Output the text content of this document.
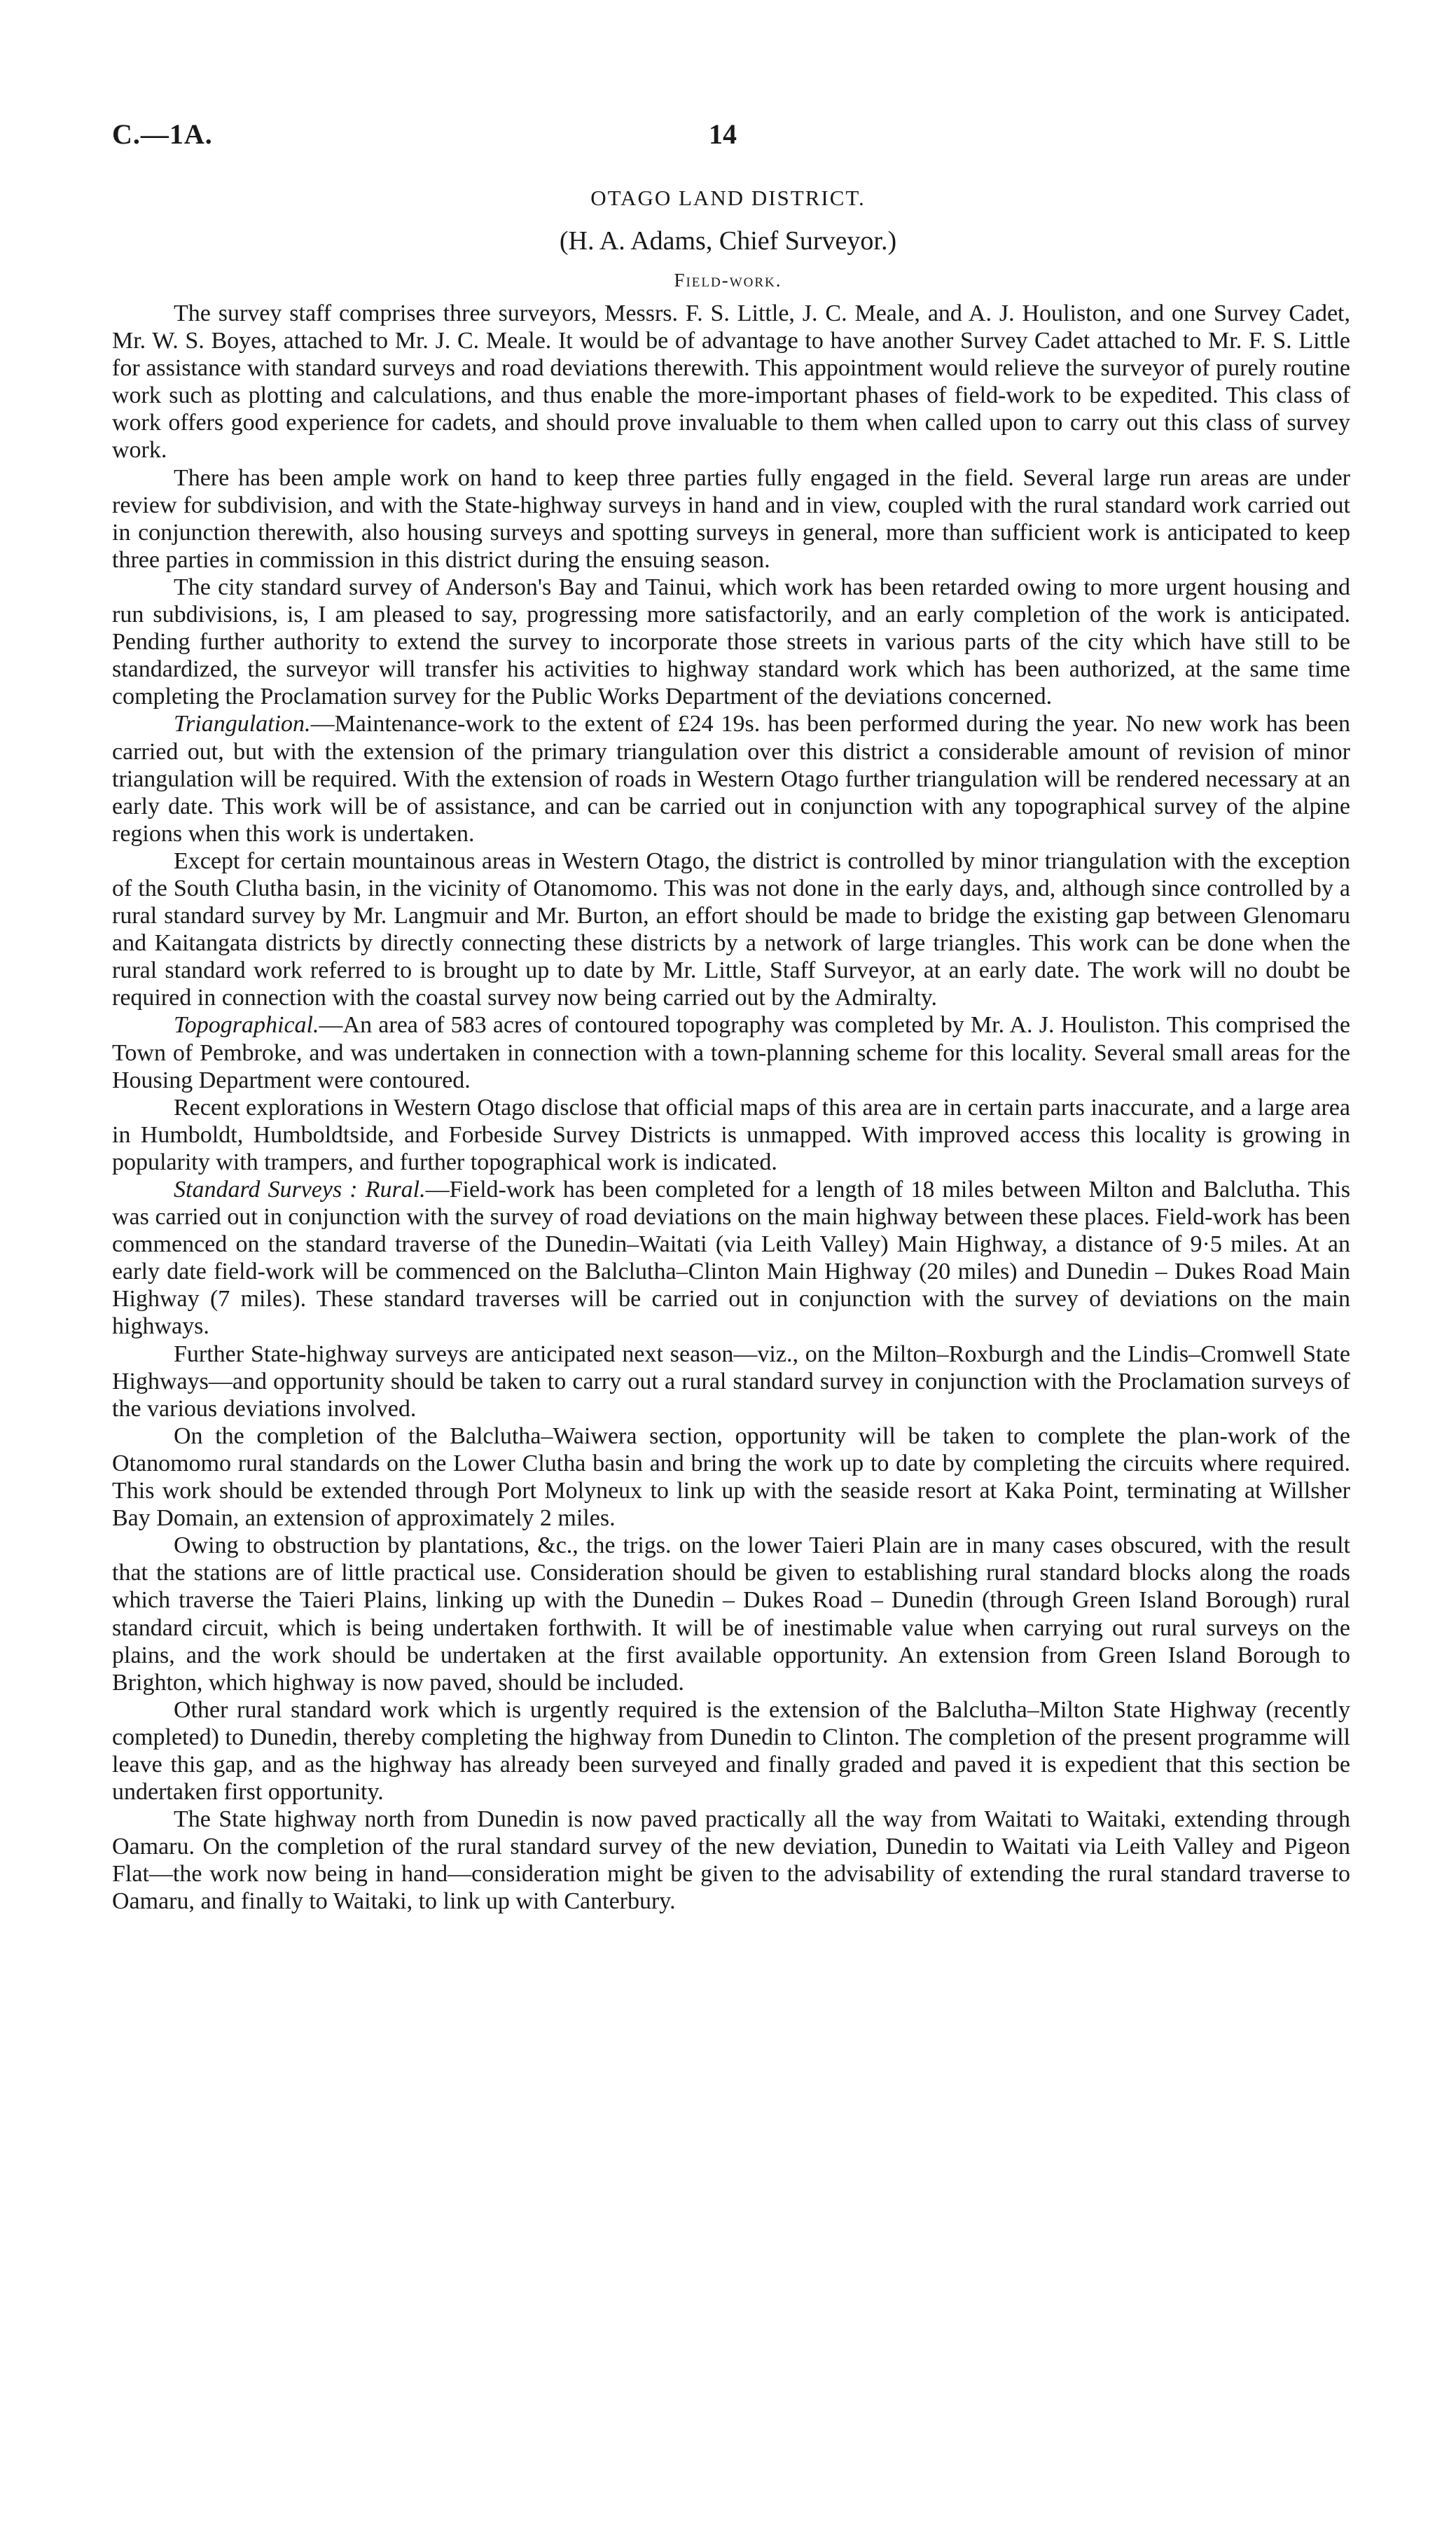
C.—1A.	14
OTAGO LAND DISTRICT.
(H. A. Adams, Chief Surveyor.)
Field-work.

The survey staff comprises three surveyors, Messrs. F. S. Little, J. C. Meale, and A. J. Houliston, and one Survey Cadet, Mr. W. S. Boyes, attached to Mr. J. C. Meale. It would be of advantage to have another Survey Cadet attached to Mr. F. S. Little for assistance with standard surveys and road deviations therewith. This appointment would relieve the surveyor of purely routine work such as plotting and calculations, and thus enable the more-important phases of field-work to be expedited. This class of work offers good experience for cadets, and should prove invaluable to them when called upon to carry out this class of survey work.

There has been ample work on hand to keep three parties fully engaged in the field. Several large run areas are under review for subdivision, and with the State-highway surveys in hand and in view, coupled with the rural standard work carried out in conjunction therewith, also housing surveys and spotting surveys in general, more than sufficient work is anticipated to keep three parties in commission in this district during the ensuing season.

The city standard survey of Anderson's Bay and Tainui, which work has been retarded owing to more urgent housing and run subdivisions, is, I am pleased to say, progressing more satisfactorily, and an early completion of the work is anticipated. Pending further authority to extend the survey to incorporate those streets in various parts of the city which have still to be standardized, the surveyor will transfer his activities to highway standard work which has been authorized, at the same time completing the Proclamation survey for the Public Works Department of the deviations concerned.

Triangulation.—Maintenance-work to the extent of £24 19s. has been performed during the year. No new work has been carried out, but with the extension of the primary triangulation over this district a considerable amount of revision of minor triangulation will be required. With the extension of roads in Western Otago further triangulation will be rendered necessary at an early date. This work will be of assistance, and can be carried out in conjunction with any topographical survey of the alpine regions when this work is undertaken.

Except for certain mountainous areas in Western Otago, the district is controlled by minor triangulation with the exception of the South Clutha basin, in the vicinity of Otanomomo. This was not done in the early days, and, although since controlled by a rural standard survey by Mr. Langmuir and Mr. Burton, an effort should be made to bridge the existing gap between Glenomaru and Kaitangata districts by directly connecting these districts by a network of large triangles. This work can be done when the rural standard work referred to is brought up to date by Mr. Little, Staff Surveyor, at an early date. The work will no doubt be required in connection with the coastal survey now being carried out by the Admiralty.

Topographical.—An area of 583 acres of contoured topography was completed by Mr. A. J. Houliston. This comprised the Town of Pembroke, and was undertaken in connection with a town-planning scheme for this locality. Several small areas for the Housing Department were contoured.

Recent explorations in Western Otago disclose that official maps of this area are in certain parts inaccurate, and a large area in Humboldt, Humboldtside, and Forbeside Survey Districts is unmapped. With improved access this locality is growing in popularity with trampers, and further topographical work is indicated.

Standard Surveys : Rural.—Field-work has been completed for a length of 18 miles between Milton and Balclutha. This was carried out in conjunction with the survey of road deviations on the main highway between these places. Field-work has been commenced on the standard traverse of the Dunedin–Waitati (via Leith Valley) Main Highway, a distance of 9·5 miles. At an early date field-work will be commenced on the Balclutha–Clinton Main Highway (20 miles) and Dunedin – Dukes Road Main Highway (7 miles). These standard traverses will be carried out in conjunction with the survey of deviations on the main highways.

Further State-highway surveys are anticipated next season—viz., on the Milton–Roxburgh and the Lindis–Cromwell State Highways—and opportunity should be taken to carry out a rural standard survey in conjunction with the Proclamation surveys of the various deviations involved.

On the completion of the Balclutha–Waiwera section, opportunity will be taken to complete the plan-work of the Otanomomo rural standards on the Lower Clutha basin and bring the work up to date by completing the circuits where required. This work should be extended through Port Molyneux to link up with the seaside resort at Kaka Point, terminating at Willsher Bay Domain, an extension of approximately 2 miles.

Owing to obstruction by plantations, &c., the trigs. on the lower Taieri Plain are in many cases obscured, with the result that the stations are of little practical use. Consideration should be given to establishing rural standard blocks along the roads which traverse the Taieri Plains, linking up with the Dunedin – Dukes Road – Dunedin (through Green Island Borough) rural standard circuit, which is being undertaken forthwith. It will be of inestimable value when carrying out rural surveys on the plains, and the work should be undertaken at the first available opportunity. An extension from Green Island Borough to Brighton, which highway is now paved, should be included.

Other rural standard work which is urgently required is the extension of the Balclutha–Milton State Highway (recently completed) to Dunedin, thereby completing the highway from Dunedin to Clinton. The completion of the present programme will leave this gap, and as the highway has already been surveyed and finally graded and paved it is expedient that this section be undertaken first opportunity.

The State highway north from Dunedin is now paved practically all the way from Waitati to Waitaki, extending through Oamaru. On the completion of the rural standard survey of the new deviation, Dunedin to Waitati via Leith Valley and Pigeon Flat—the work now being in hand—consideration might be given to the advisability of extending the rural standard traverse to Oamaru, and finally to Waitaki, to link up with Canterbury.
